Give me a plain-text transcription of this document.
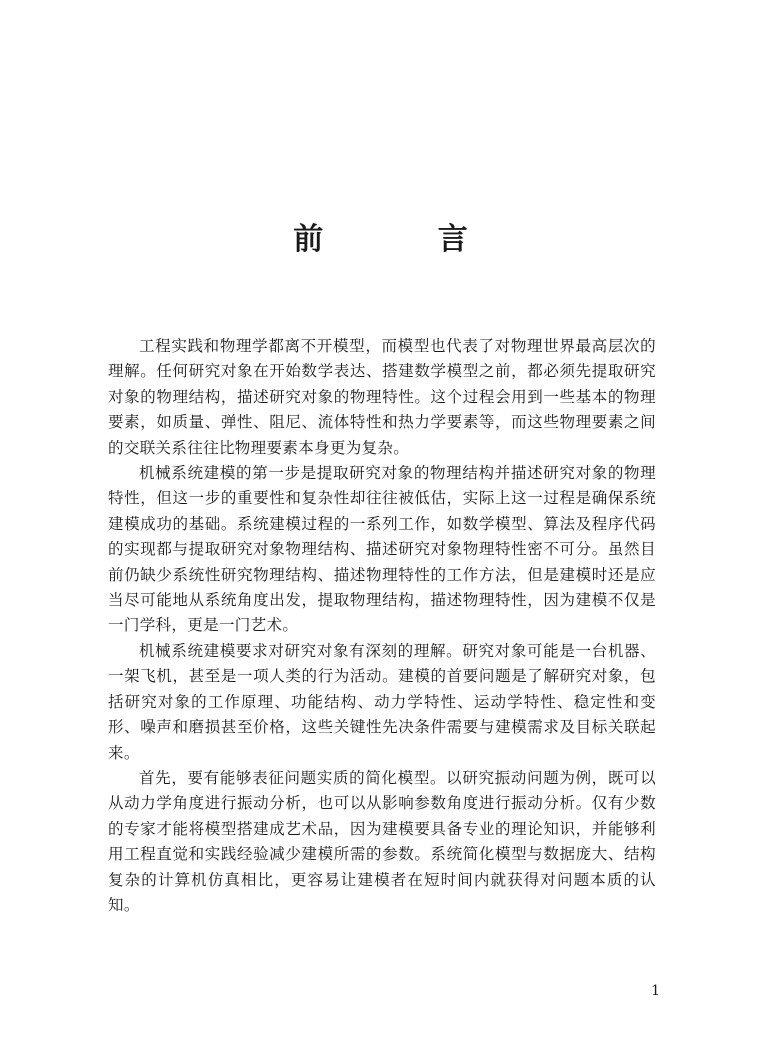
前 言

工程实践和物理学都离不开模型，而模型也代表了对物理世界最高层次的理解。任何研究对象在开始数学表达、搭建数学模型之前，都必须先提取研究对象的物理结构，描述研究对象的物理特性。这个过程会用到一些基本的物理要素，如质量、弹性、阻尼、流体特性和热力学要素等，而这些物理要素之间的交联关系往往比物理要素本身更为复杂。

机械系统建模的第一步是提取研究对象的物理结构并描述研究对象的物理特性，但这一步的重要性和复杂性却往往被低估，实际上这一过程是确保系统建模成功的基础。系统建模过程的一系列工作，如数学模型、算法及程序代码的实现都与提取研究对象物理结构、描述研究对象物理特性密不可分。虽然目前仍缺少系统性研究物理结构、描述物理特性的工作方法，但是建模时还是应当尽可能地从系统角度出发，提取物理结构，描述物理特性，因为建模不仅是一门学科，更是一门艺术。

机械系统建模要求对研究对象有深刻的理解。研究对象可能是一台机器、一架飞机，甚至是一项人类的行为活动。建模的首要问题是了解研究对象，包括研究对象的工作原理、功能结构、动力学特性、运动学特性、稳定性和变形、噪声和磨损甚至价格，这些关键性先决条件需要与建模需求及目标关联起来。

首先，要有能够表征问题实质的简化模型。以研究振动问题为例，既可以从动力学角度进行振动分析，也可以从影响参数角度进行振动分析。仅有少数的专家才能将模型搭建成艺术品，因为建模要具备专业的理论知识，并能够利用工程直觉和实践经验减少建模所需的参数。系统简化模型与数据庞大、结构复杂的计算机仿真相比，更容易让建模者在短时间内就获得对问题本质的认知。

1
